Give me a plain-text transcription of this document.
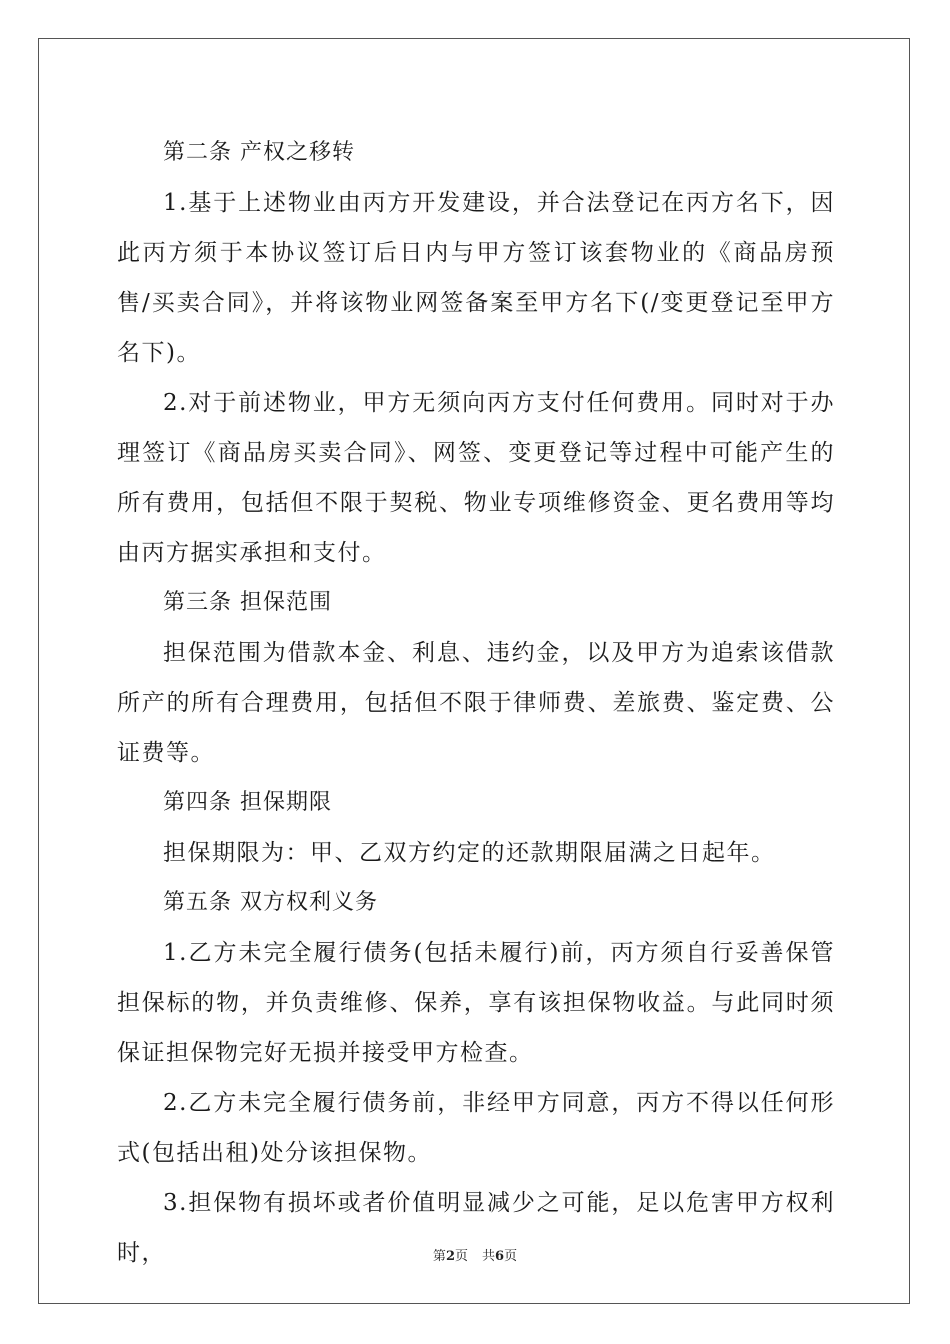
第二条 产权之移转

1.基于上述物业由丙方开发建设，并合法登记在丙方名下，因此丙方须于本协议签订后日内与甲方签订该套物业的《商品房预售/买卖合同》，并将该物业网签备案至甲方名下(/变更登记至甲方名下)。

2.对于前述物业，甲方无须向丙方支付任何费用。同时对于办理签订《商品房买卖合同》、网签、变更登记等过程中可能产生的所有费用，包括但不限于契税、物业专项维修资金、更名费用等均由丙方据实承担和支付。

第三条 担保范围

担保范围为借款本金、利息、违约金，以及甲方为追索该借款所产的所有合理费用，包括但不限于律师费、差旅费、鉴定费、公证费等。

第四条 担保期限

担保期限为：甲、乙双方约定的还款期限届满之日起年。

第五条 双方权利义务

1.乙方未完全履行债务(包括未履行)前，丙方须自行妥善保管担保标的物，并负责维修、保养，享有该担保物收益。与此同时须保证担保物完好无损并接受甲方检查。

2.乙方未完全履行债务前，非经甲方同意，丙方不得以任何形式(包括出租)处分该担保物。

3.担保物有损坏或者价值明显减少之可能，足以危害甲方权利时，	第2页 共6页
